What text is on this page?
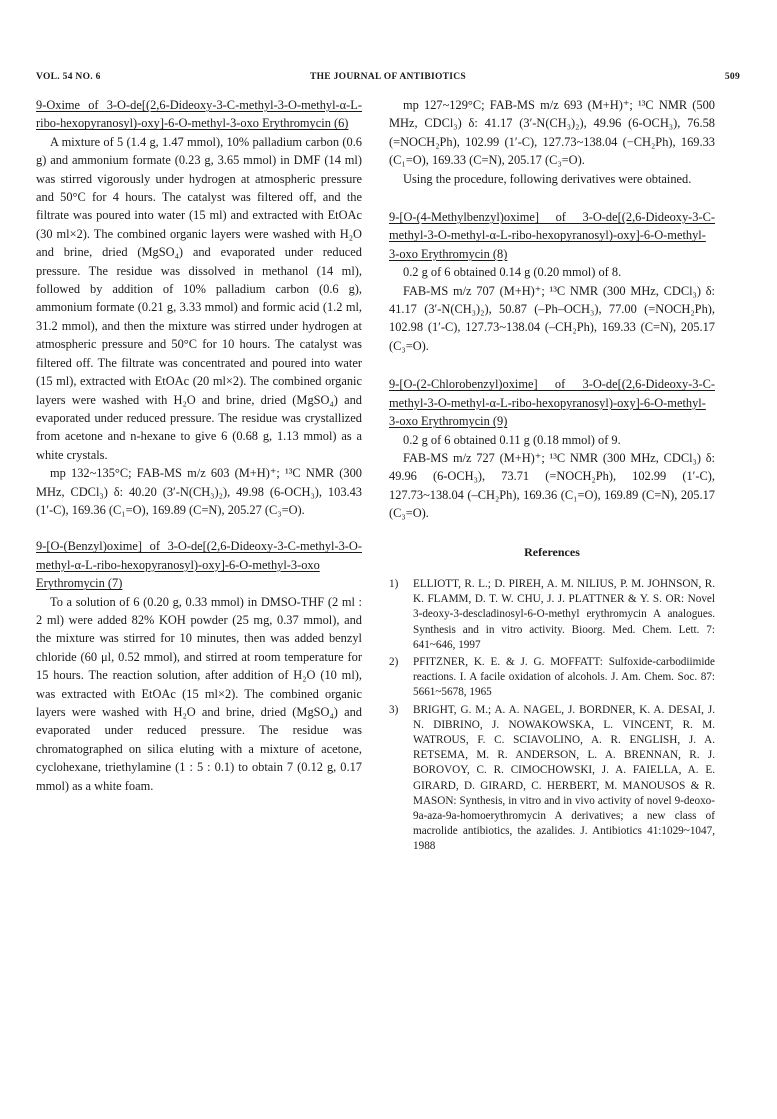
VOL. 54 NO. 6	THE JOURNAL OF ANTIBIOTICS	509

9-Oxime of 3-O-de[(2,6-Dideoxy-3-C-methyl-3-O-methyl-α-L-ribo-hexopyranosyl)-oxy]-6-O-methyl-3-oxo Erythromycin (6)

A mixture of 5 (1.4 g, 1.47 mmol), 10% palladium carbon (0.6 g) and ammonium formate (0.23 g, 3.65 mmol) in DMF (14 ml) was stirred vigorously under hydrogen at atmospheric pressure and 50°C for 4 hours. The catalyst was filtered off, and the filtrate was poured into water (15 ml) and extracted with EtOAc (30 ml×2). The combined organic layers were washed with H₂O and brine, dried (MgSO₄) and evaporated under reduced pressure. The residue was dissolved in methanol (14 ml), followed by addition of 10% palladium carbon (0.6 g), ammonium formate (0.21 g, 3.33 mmol) and formic acid (1.2 ml, 31.2 mmol), and then the mixture was stirred under hydrogen at atmospheric pressure and 50°C for 10 hours. The catalyst was filtered off. The filtrate was concentrated and poured into water (15 ml), extracted with EtOAc (20 ml×2). The combined organic layers were washed with H₂O and brine, dried (MgSO₄) and evaporated under reduced pressure. The residue was crystallized from acetone and n-hexane to give 6 (0.68 g, 1.13 mmol) as a white crystals.

mp 132~135°C; FAB-MS m/z 603 (M+H)⁺; ¹³C NMR (300 MHz, CDCl₃) δ: 40.20 (3′-N(CH₃)₂), 49.98 (6-OCH₃), 103.43 (1′-C), 169.36 (C₁=O), 169.89 (C=N), 205.27 (C₃=O).

9-[O-(Benzyl)oxime] of 3-O-de[(2,6-Dideoxy-3-C-methyl-3-O-methyl-α-L-ribo-hexopyranosyl)-oxy]-6-O-methyl-3-oxo Erythromycin (7)

To a solution of 6 (0.20 g, 0.33 mmol) in DMSO-THF (2 ml : 2 ml) were added 82% KOH powder (25 mg, 0.37 mmol), and the mixture was stirred for 10 minutes, then was added benzyl chloride (60 μl, 0.52 mmol), and stirred at room temperature for 15 hours. The reaction solution, after addition of H₂O (10 ml), was extracted with EtOAc (15 ml×2). The combined organic layers were washed with H₂O and brine, dried (MgSO₄) and evaporated under reduced pressure. The residue was chromatographed on silica eluting with a mixture of acetone, cyclohexane, triethylamine (1 : 5 : 0.1) to obtain 7 (0.12 g, 0.17 mmol) as a white foam.

mp 127~129°C; FAB-MS m/z 693 (M+H)⁺; ¹³C NMR (500 MHz, CDCl₃) δ: 41.17 (3′-N(CH₃)₂), 49.96 (6-OCH₃), 76.58 (=NOCH₂Ph), 102.99 (1′-C), 127.73~138.04 (−CH₂Ph), 169.33 (C₁=O), 169.33 (C=N), 205.17 (C₃=O).

Using the procedure, following derivatives were obtained.

9-[O-(4-Methylbenzyl)oxime] of 3-O-de[(2,6-Dideoxy-3-C-methyl-3-O-methyl-α-L-ribo-hexopyranosyl)-oxy]-6-O-methyl-3-oxo Erythromycin (8)

0.2 g of 6 obtained 0.14 g (0.20 mmol) of 8.

FAB-MS m/z 707 (M+H)⁺; ¹³C NMR (300 MHz, CDCl₃) δ: 41.17 (3′-N(CH₃)₂), 50.87 (–Ph–OCH₃), 77.00 (=NOCH₂Ph), 102.98 (1′-C), 127.73~138.04 (–CH₂Ph), 169.33 (C=N), 205.17 (C₃=O).

9-[O-(2-Chlorobenzyl)oxime] of 3-O-de[(2,6-Dideoxy-3-C-methyl-3-O-methyl-α-L-ribo-hexopyranosyl)-oxy]-6-O-methyl-3-oxo Erythromycin (9)

0.2 g of 6 obtained 0.11 g (0.18 mmol) of 9.

FAB-MS m/z 727 (M+H)⁺; ¹³C NMR (300 MHz, CDCl₃) δ: 49.96 (6-OCH₃), 73.71 (=NOCH₂Ph), 102.99 (1′-C), 127.73~138.04 (–CH₂Ph), 169.36 (C₁=O), 169.89 (C=N), 205.17 (C₃=O).

References
1)	ELLIOTT, R. L.; D. PIREH, A. M. NILIUS, P. M. JOHNSON, R. K. FLAMM, D. T. W. CHU, J. J. PLATTNER & Y. S. OR: Novel 3-deoxy-3-descladinosyl-6-O-methyl erythromycin A analogues. Synthesis and in vitro activity. Bioorg. Med. Chem. Lett. 7: 641~646, 1997
2)	PFITZNER, K. E. & J. G. MOFFATT: Sulfoxide-carbodiimide reactions. I. A facile oxidation of alcohols. J. Am. Chem. Soc. 87: 5661~5678, 1965
3)	BRIGHT, G. M.; A. A. NAGEL, J. BORDNER, K. A. DESAI, J. N. DIBRINO, J. NOWAKOWSKA, L. VINCENT, R. M. WATROUS, F. C. SCIAVOLINO, A. R. ENGLISH, J. A. RETSEMA, M. R. ANDERSON, L. A. BRENNAN, R. J. BOROVOY, C. R. CIMOCHOWSKI, J. A. FAIELLA, A. E. GIRARD, D. GIRARD, C. HERBERT, M. MANOUSOS & R. MASON: Synthesis, in vitro and in vivo activity of novel 9-deoxo-9a-aza-9a-homoerythromycin A derivatives; a new class of macrolide antibiotics, the azalides. J. Antibiotics 41:1029~1047, 1988
